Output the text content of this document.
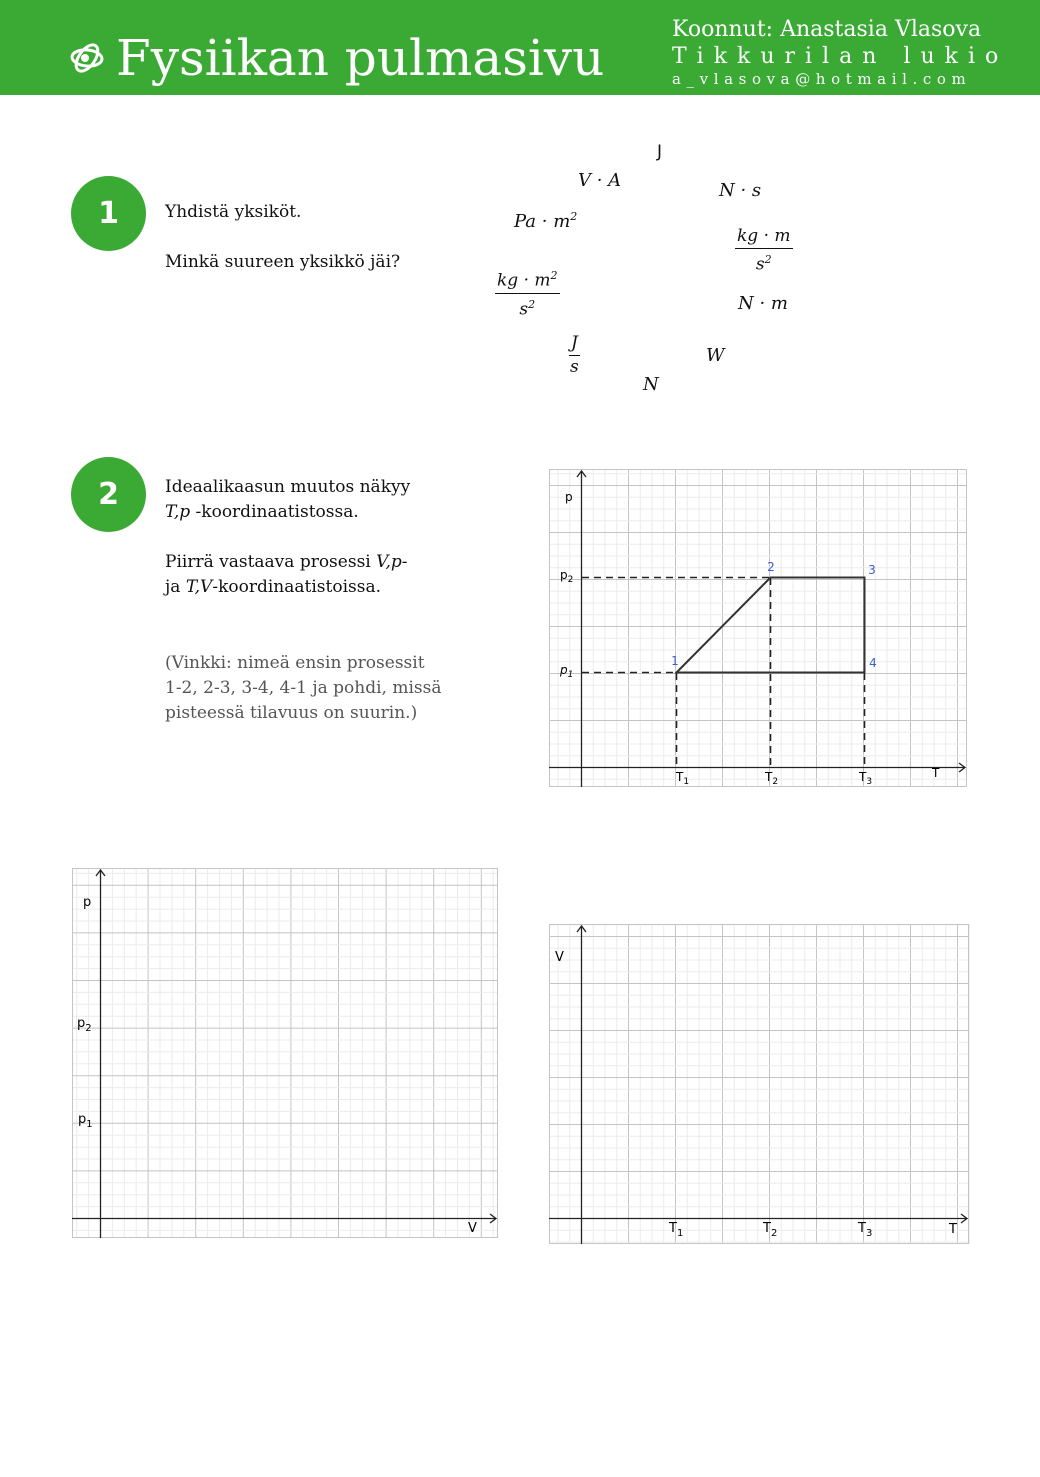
Fysiikan pulmasivu	Koonnut: Anastasia Vlasova
Tikkurilan lukio
a_vlasova@hotmail.com
1	Yhdistä yksiköt.
Minkä suureen yksikkö jäi?
J
V · A	N · s
$Pa \cdot m^2$
$\frac{kg \cdot m}{s^2}$
$\frac{kg \cdot m^2}{s^2}$	N · m
$\frac{J}{s}$	W
N
2	Ideaalikaasun muutos näkyy
T,p -koordinaatistossa.
Piirrä vastaava prosessi V,p-
ja T,V-koordinaatistoissa.
(Vinkki: nimeä ensin prosessit
1-2, 2-3, 3-4, 4-1 ja pohdi, missä
pisteessä tilavuus on suurin.)
1
2	3
4
p
T
$p_2$
$p_1$
$T_1$	$T_2$	$T_3$
p
V
$p_2$
$p_1$
V
T
$T_1$	$T_2$	$T_3$
